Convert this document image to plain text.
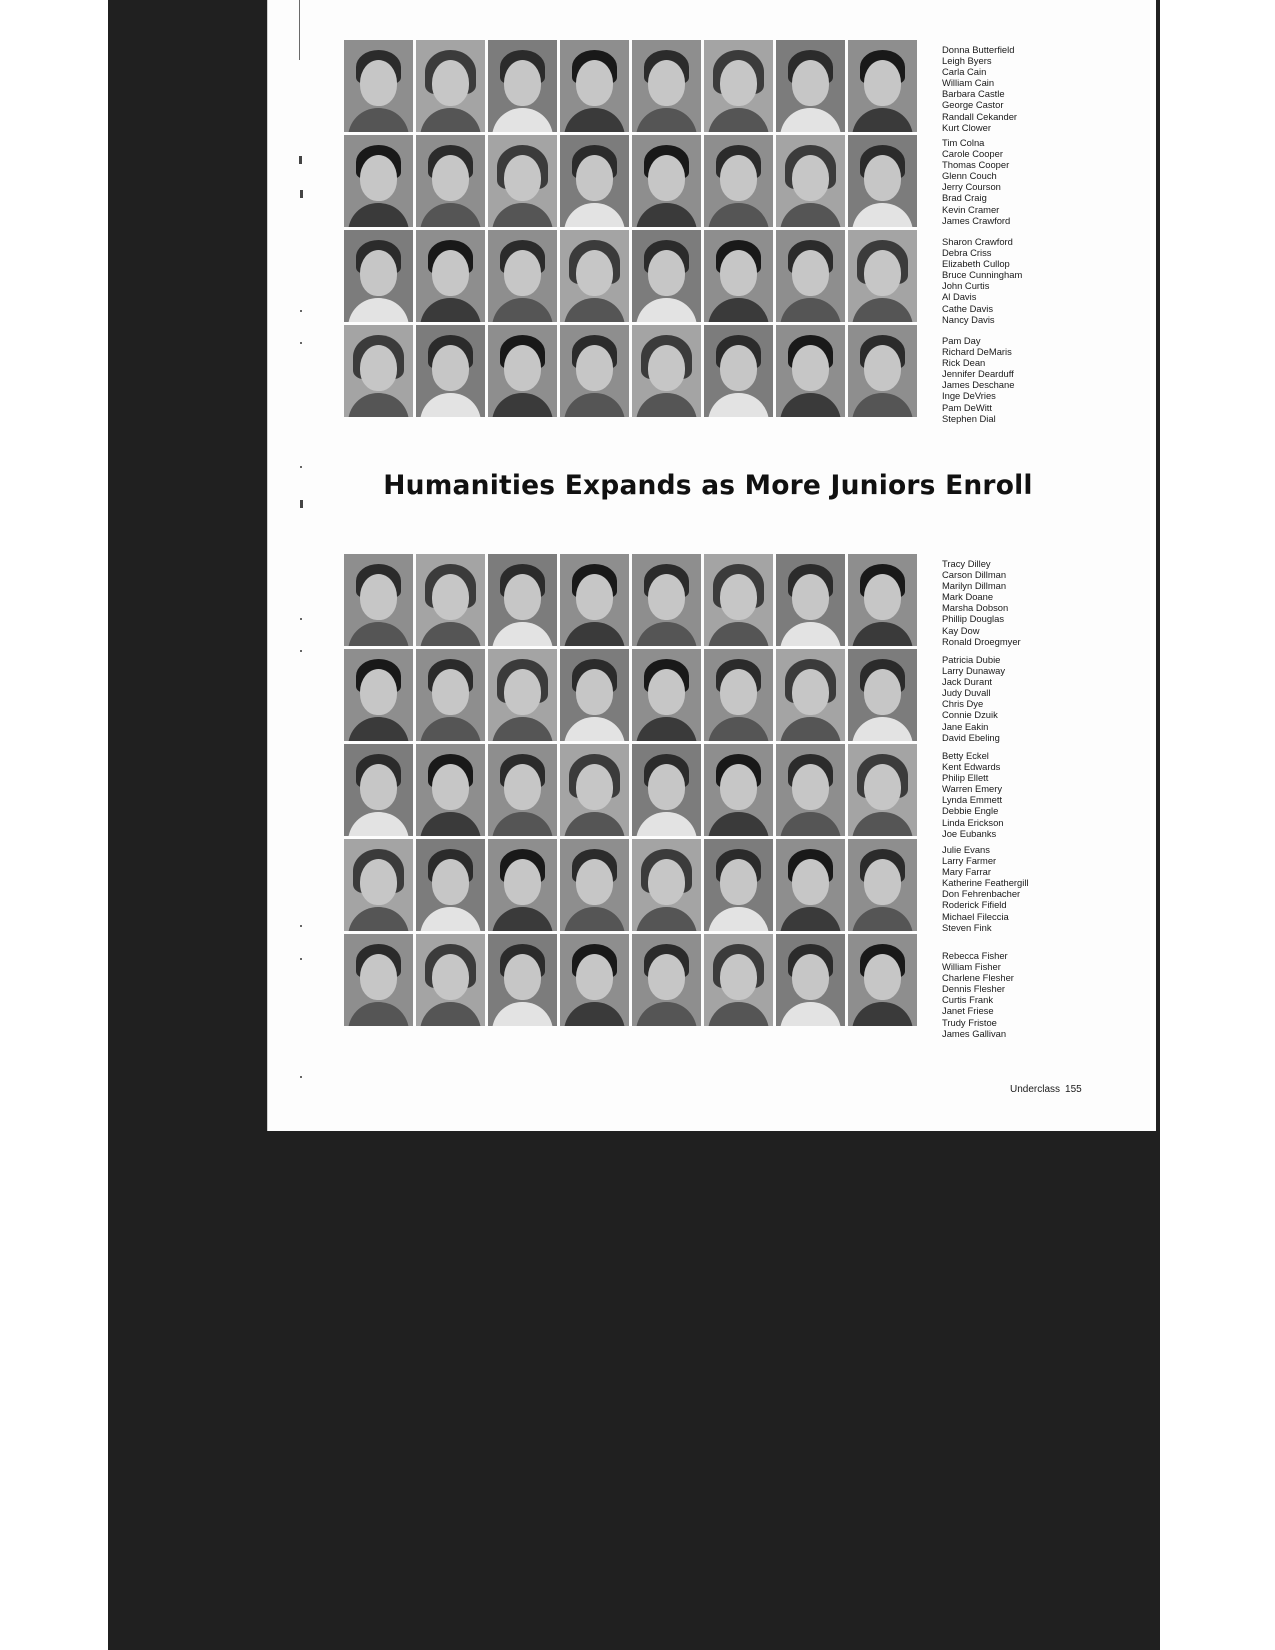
Donna Butterfield
Leigh Byers
Carla Cain
William Cain
Barbara Castle
George Castor
Randall Cekander
Kurt Clower
Tim Colna
Carole Cooper
Thomas Cooper
Glenn Couch
Jerry Courson
Brad Craig
Kevin Cramer
James Crawford
Sharon Crawford
Debra Criss
Elizabeth Cullop
Bruce Cunningham
John Curtis
Al Davis
Cathe Davis
Nancy Davis
Pam Day
Richard DeMaris
Rick Dean
Jennifer Dearduff
James Deschane
Inge DeVries
Pam DeWitt
Stephen Dial
Humanities Expands as More Juniors Enroll
Tracy Dilley
Carson Dillman
Marilyn Dillman
Mark Doane
Marsha Dobson
Phillip Douglas
Kay Dow
Ronald Droegmyer
Patricia Dubie
Larry Dunaway
Jack Durant
Judy Duvall
Chris Dye
Connie Dzuik
Jane Eakin
David Ebeling
Betty Eckel
Kent Edwards
Philip Ellett
Warren Emery
Lynda Emmett
Debbie Engle
Linda Erickson
Joe Eubanks
Julie Evans
Larry Farmer
Mary Farrar
Katherine Feathergill
Don Fehrenbacher
Roderick Fifield
Michael Fileccia
Steven Fink
Rebecca Fisher
William Fisher
Charlene Flesher
Dennis Flesher
Curtis Frank
Janet Friese
Trudy Fristoe
James Gallivan
Underclass 155
